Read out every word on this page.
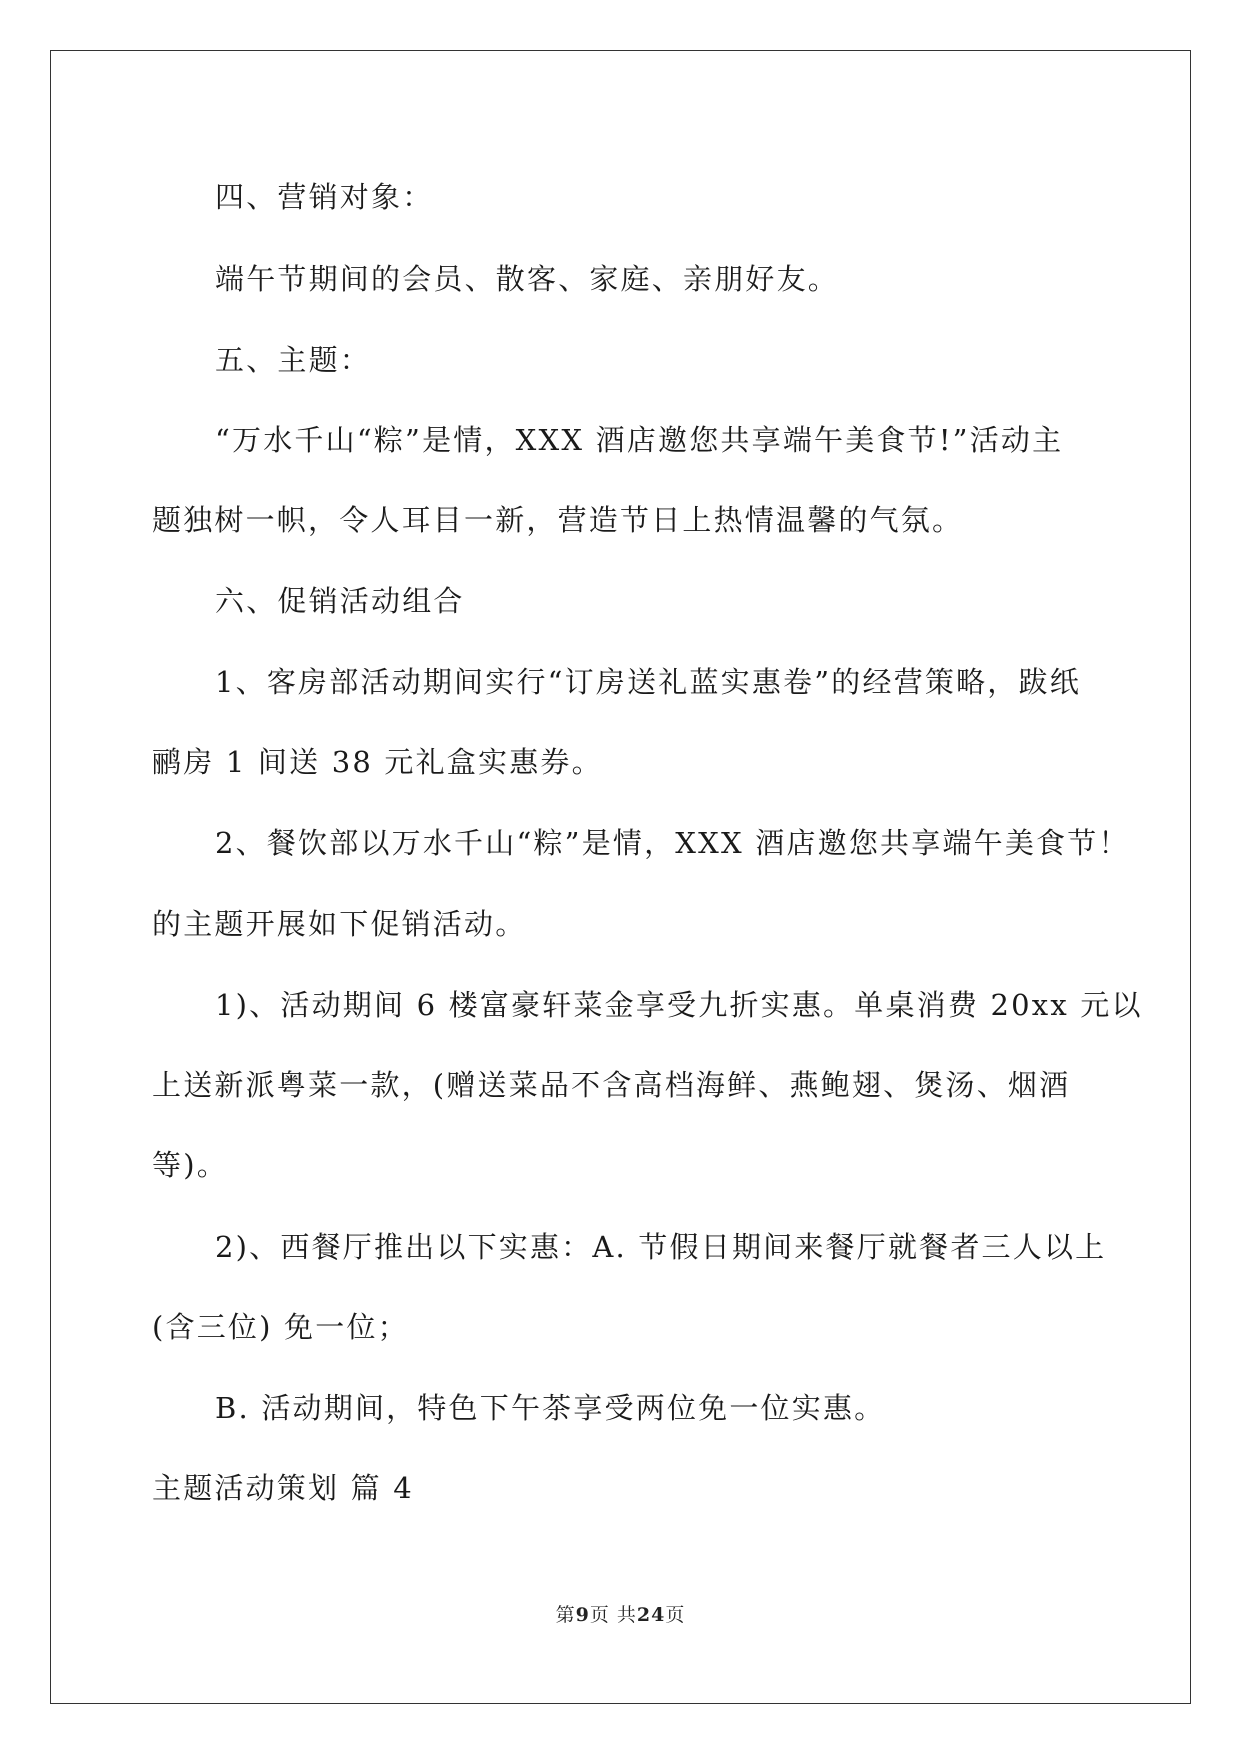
四、营销对象：
端午节期间的会员、散客、家庭、亲朋好友。
五、主题：
“万水千山“粽”是情，XXX 酒店邀您共享端午美食节!”活动主
题独树一帜，令人耳目一新，营造节日上热情温馨的气氛。
六、促销活动组合
1、客房部活动期间实行“订房送礼蓝实惠卷”的经营策略，跋纸
鹂房 1 间送 38 元礼盒实惠券。
2、餐饮部以万水千山“粽”是情，XXX 酒店邀您共享端午美食节！
的主题开展如下促销活动。
1)、活动期间 6 楼富豪轩菜金享受九折实惠。单桌消费 20xx 元以
上送新派粤菜一款，(赠送菜品不含高档海鲜、燕鲍翅、煲汤、烟酒
等)。
2)、西餐厅推出以下实惠：A. 节假日期间来餐厅就餐者三人以上
(含三位) 免一位；
B. 活动期间，特色下午茶享受两位免一位实惠。
主题活动策划 篇 4
第9页 共24页
